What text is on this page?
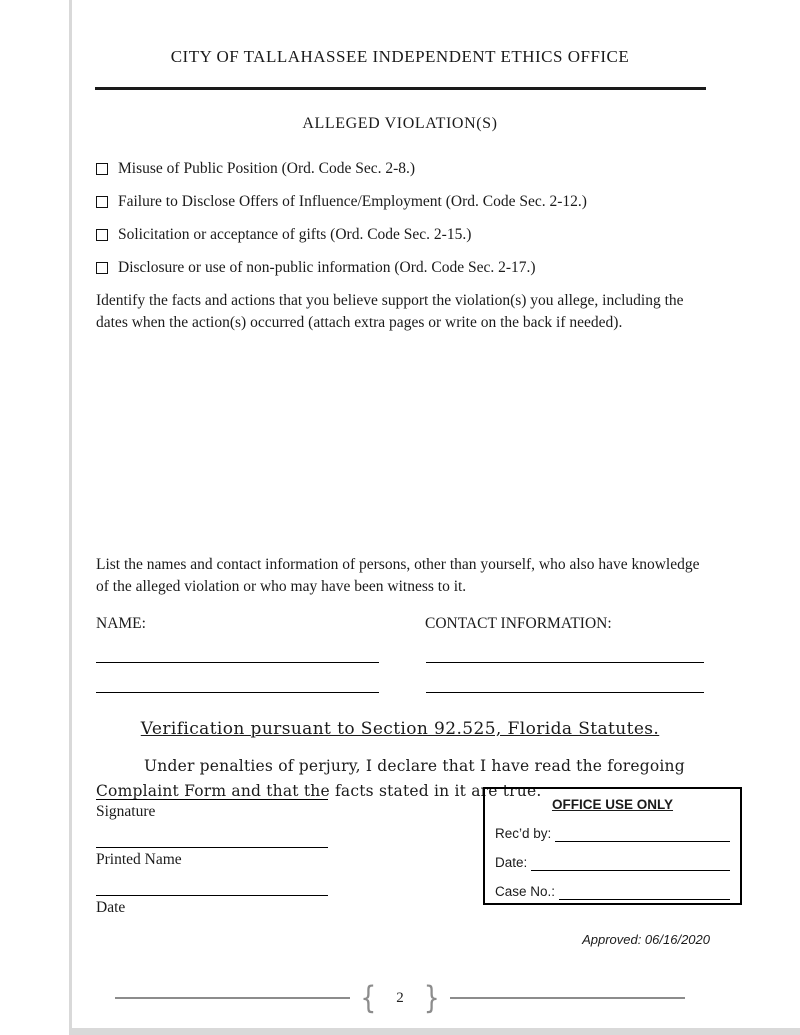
CITY OF TALLAHASSEE INDEPENDENT ETHICS OFFICE
ALLEGED VIOLATION(S)
Misuse of Public Position (Ord. Code Sec. 2-8.)
Failure to Disclose Offers of Influence/Employment (Ord. Code Sec. 2-12.)
Solicitation or acceptance of gifts (Ord. Code Sec. 2-15.)
Disclosure or use of non-public information (Ord. Code Sec. 2-17.)

Identify the facts and actions that you believe support the violation(s) you allege, including the dates when the action(s) occurred (attach extra pages or write on the back if needed).

List the names and contact information of persons, other than yourself, who also have knowledge of the alleged violation or who may have been witness to it.

NAME:	CONTACT INFORMATION:
Verification pursuant to Section 92.525, Florida Statutes.

Under penalties of perjury, I declare that I have read the foregoing Complaint Form and that the facts stated in it are true.

Signature
Printed Name
Date
OFFICE USE ONLY
Rec’d by:
Date:
Case No.:
Approved: 06/16/2020
{ 2 }
